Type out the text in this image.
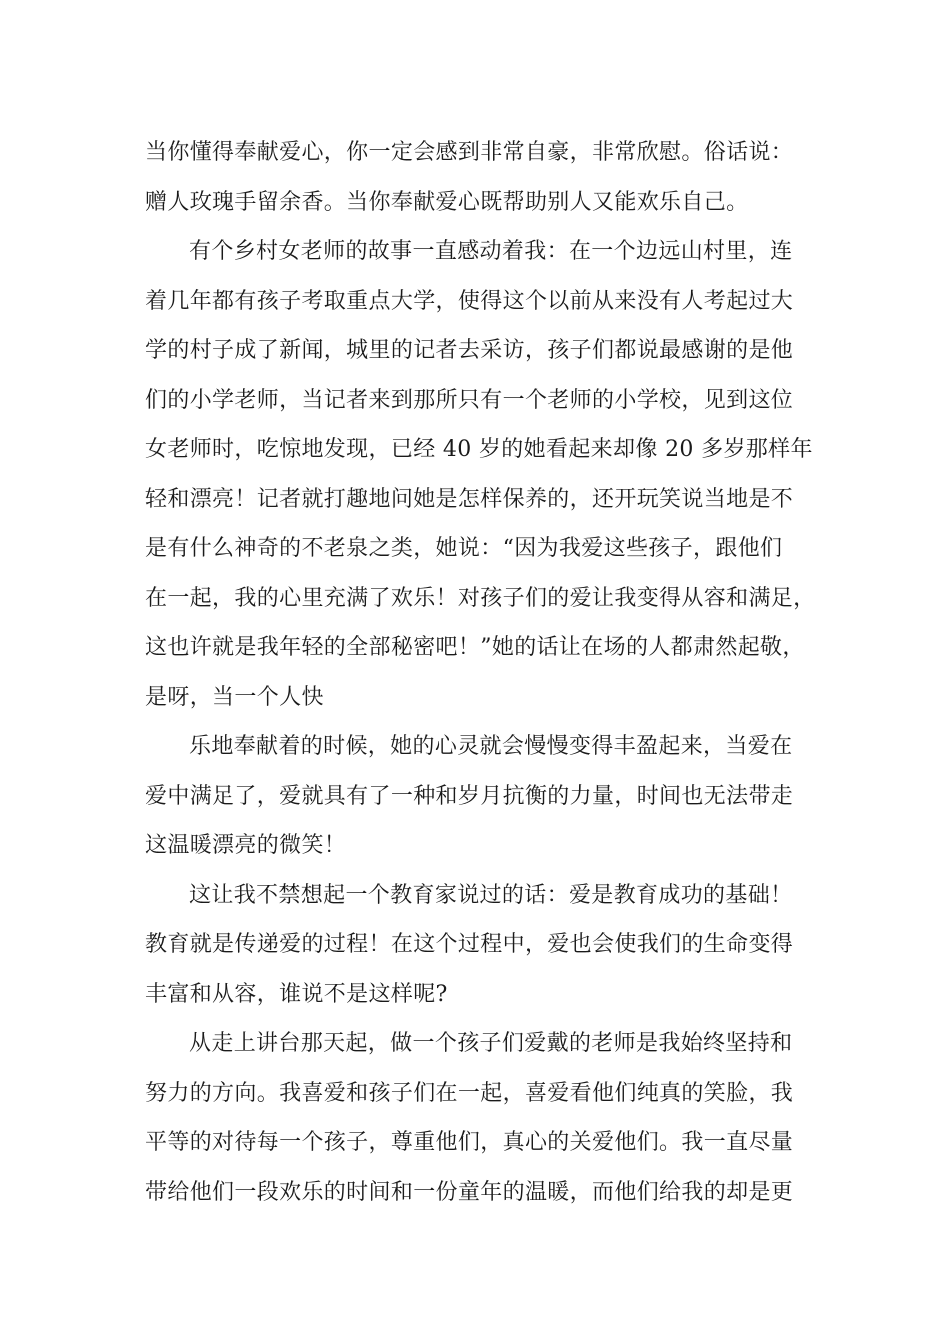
当你懂得奉献爱心，你一定会感到非常自豪，非常欣慰。俗话说：
赠人玫瑰手留余香。当你奉献爱心既帮助别人又能欢乐自己。
有个乡村女老师的故事一直感动着我：在一个边远山村里，连
着几年都有孩子考取重点大学，使得这个以前从来没有人考起过大
学的村子成了新闻，城里的记者去采访，孩子们都说最感谢的是他
们的小学老师，当记者来到那所只有一个老师的小学校，见到这位
女老师时，吃惊地发现，已经 40 岁的她看起来却像 20 多岁那样年
轻和漂亮！记者就打趣地问她是怎样保养的，还开玩笑说当地是不
是有什么神奇的不老泉之类，她说：“因为我爱这些孩子，跟他们
在一起，我的心里充满了欢乐！对孩子们的爱让我变得从容和满足，
这也许就是我年轻的全部秘密吧！”她的话让在场的人都肃然起敬，
是呀，当一个人快
乐地奉献着的时候，她的心灵就会慢慢变得丰盈起来，当爱在
爱中满足了，爱就具有了一种和岁月抗衡的力量，时间也无法带走
这温暖漂亮的微笑！
这让我不禁想起一个教育家说过的话：爱是教育成功的基础！
教育就是传递爱的过程！在这个过程中，爱也会使我们的生命变得
丰富和从容，谁说不是这样呢?
从走上讲台那天起，做一个孩子们爱戴的老师是我始终坚持和
努力的方向。我喜爱和孩子们在一起，喜爱看他们纯真的笑脸，我
平等的对待每一个孩子，尊重他们，真心的关爱他们。我一直尽量
带给他们一段欢乐的时间和一份童年的温暖，而他们给我的却是更
